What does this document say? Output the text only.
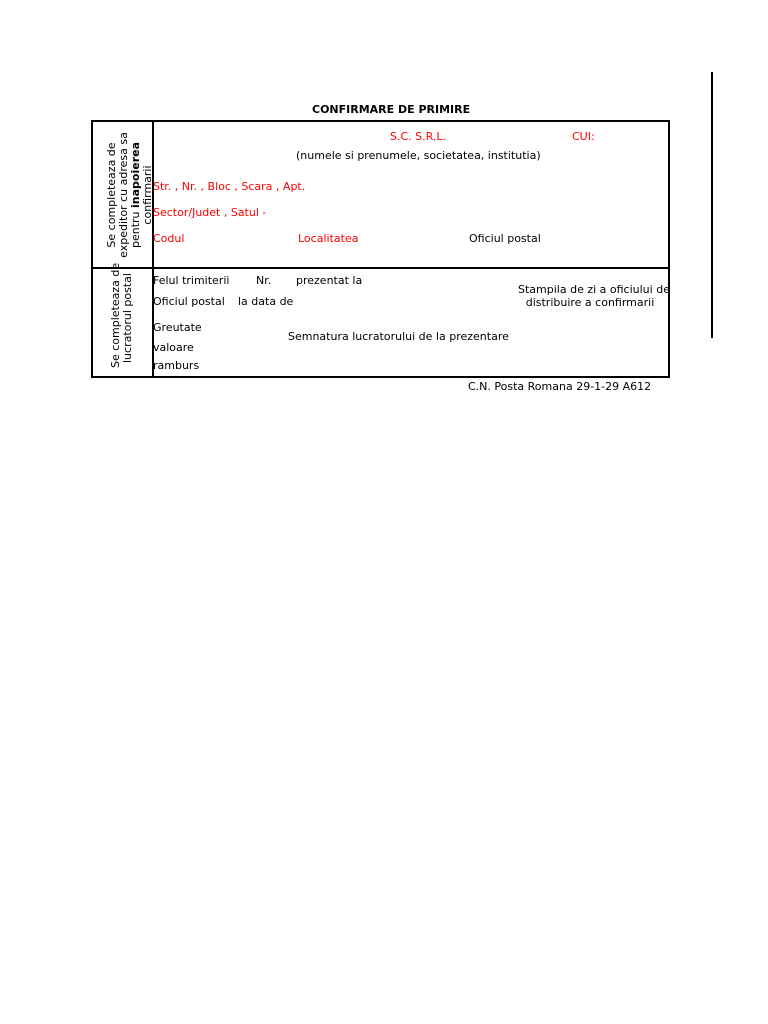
CONFIRMARE DE PRIMIRE
Se completeaza de expeditor cu adresa sa pentru inapoierea confirmarii
Se completeaza de lucratorul postal
S.C. S.R.L.	CUI:
(numele si prenumele, societatea, institutia)
Str. , Nr. , Bloc , Scara , Apt.
Sector/Judet , Satul -
Codul	Localitatea	Oficiul postal
Felul trimiterii Nr. prezentat la
Oficiul postal la data de
Stampila de zi a oficiului de
distribuire a confirmarii
Greutate
Semnatura lucratorului de la prezentare
valoare
ramburs
C.N. Posta Romana 29-1-29 A612
